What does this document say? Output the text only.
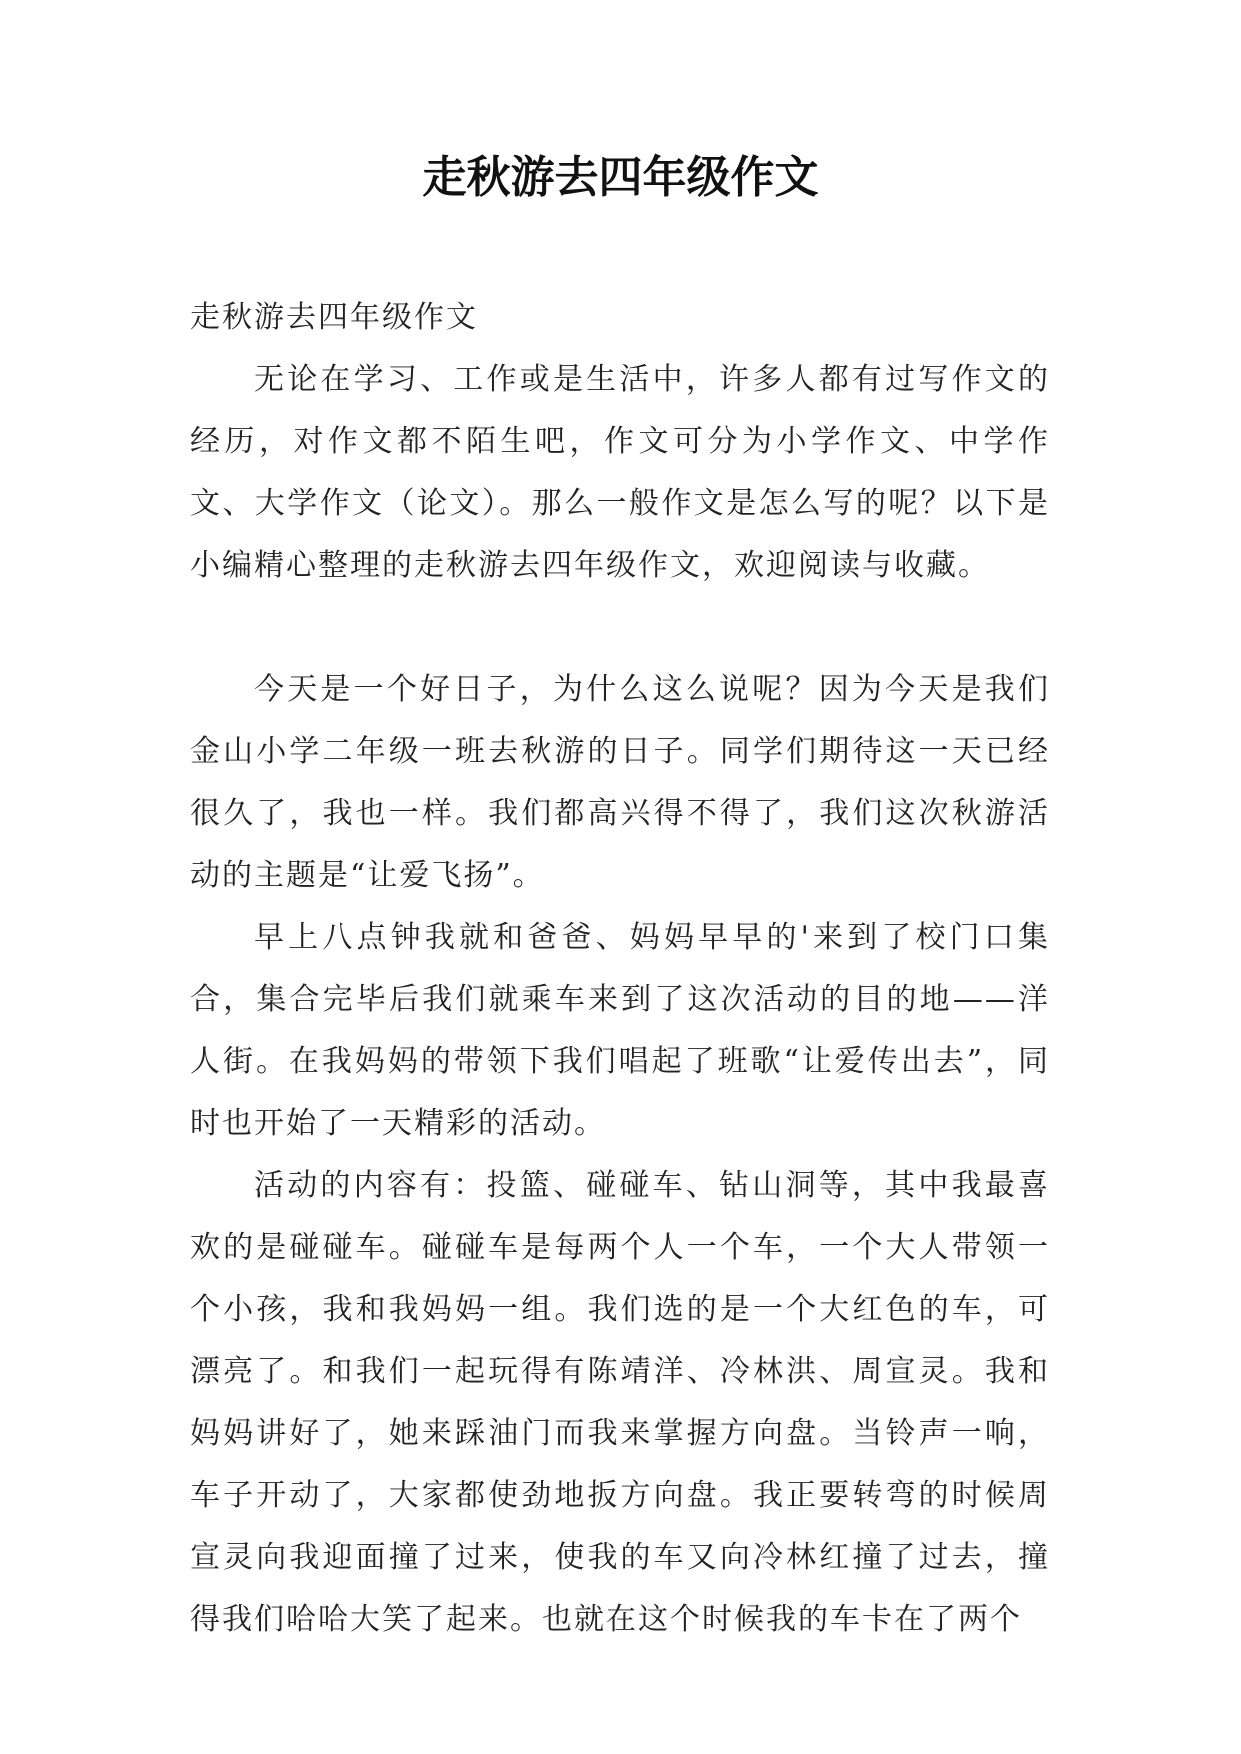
走秋游去四年级作文

走秋游去四年级作文

无论在学习、工作或是生活中，许多人都有过写作文的经历，对作文都不陌生吧，作文可分为小学作文、中学作文、大学作文（论文）。那么一般作文是怎么写的呢？以下是小编精心整理的走秋游去四年级作文，欢迎阅读与收藏。

今天是一个好日子，为什么这么说呢？因为今天是我们金山小学二年级一班去秋游的日子。同学们期待这一天已经很久了，我也一样。我们都高兴得不得了，我们这次秋游活动的主题是“让爱飞扬”。

早上八点钟我就和爸爸、妈妈早早的'来到了校门口集合，集合完毕后我们就乘车来到了这次活动的目的地——洋人街。在我妈妈的带领下我们唱起了班歌“让爱传出去”，同时也开始了一天精彩的活动。

活动的内容有：投篮、碰碰车、钻山洞等，其中我最喜欢的是碰碰车。碰碰车是每两个人一个车，一个大人带领一个小孩，我和我妈妈一组。我们选的是一个大红色的车，可漂亮了。和我们一起玩得有陈靖洋、冷林洪、周宣灵。我和妈妈讲好了，她来踩油门而我来掌握方向盘。当铃声一响，车子开动了，大家都使劲地扳方向盘。我正要转弯的时候周宣灵向我迎面撞了过来，使我的车又向冷林红撞了过去，撞得我们哈哈大笑了起来。也就在这个时候我的车卡在了两个
